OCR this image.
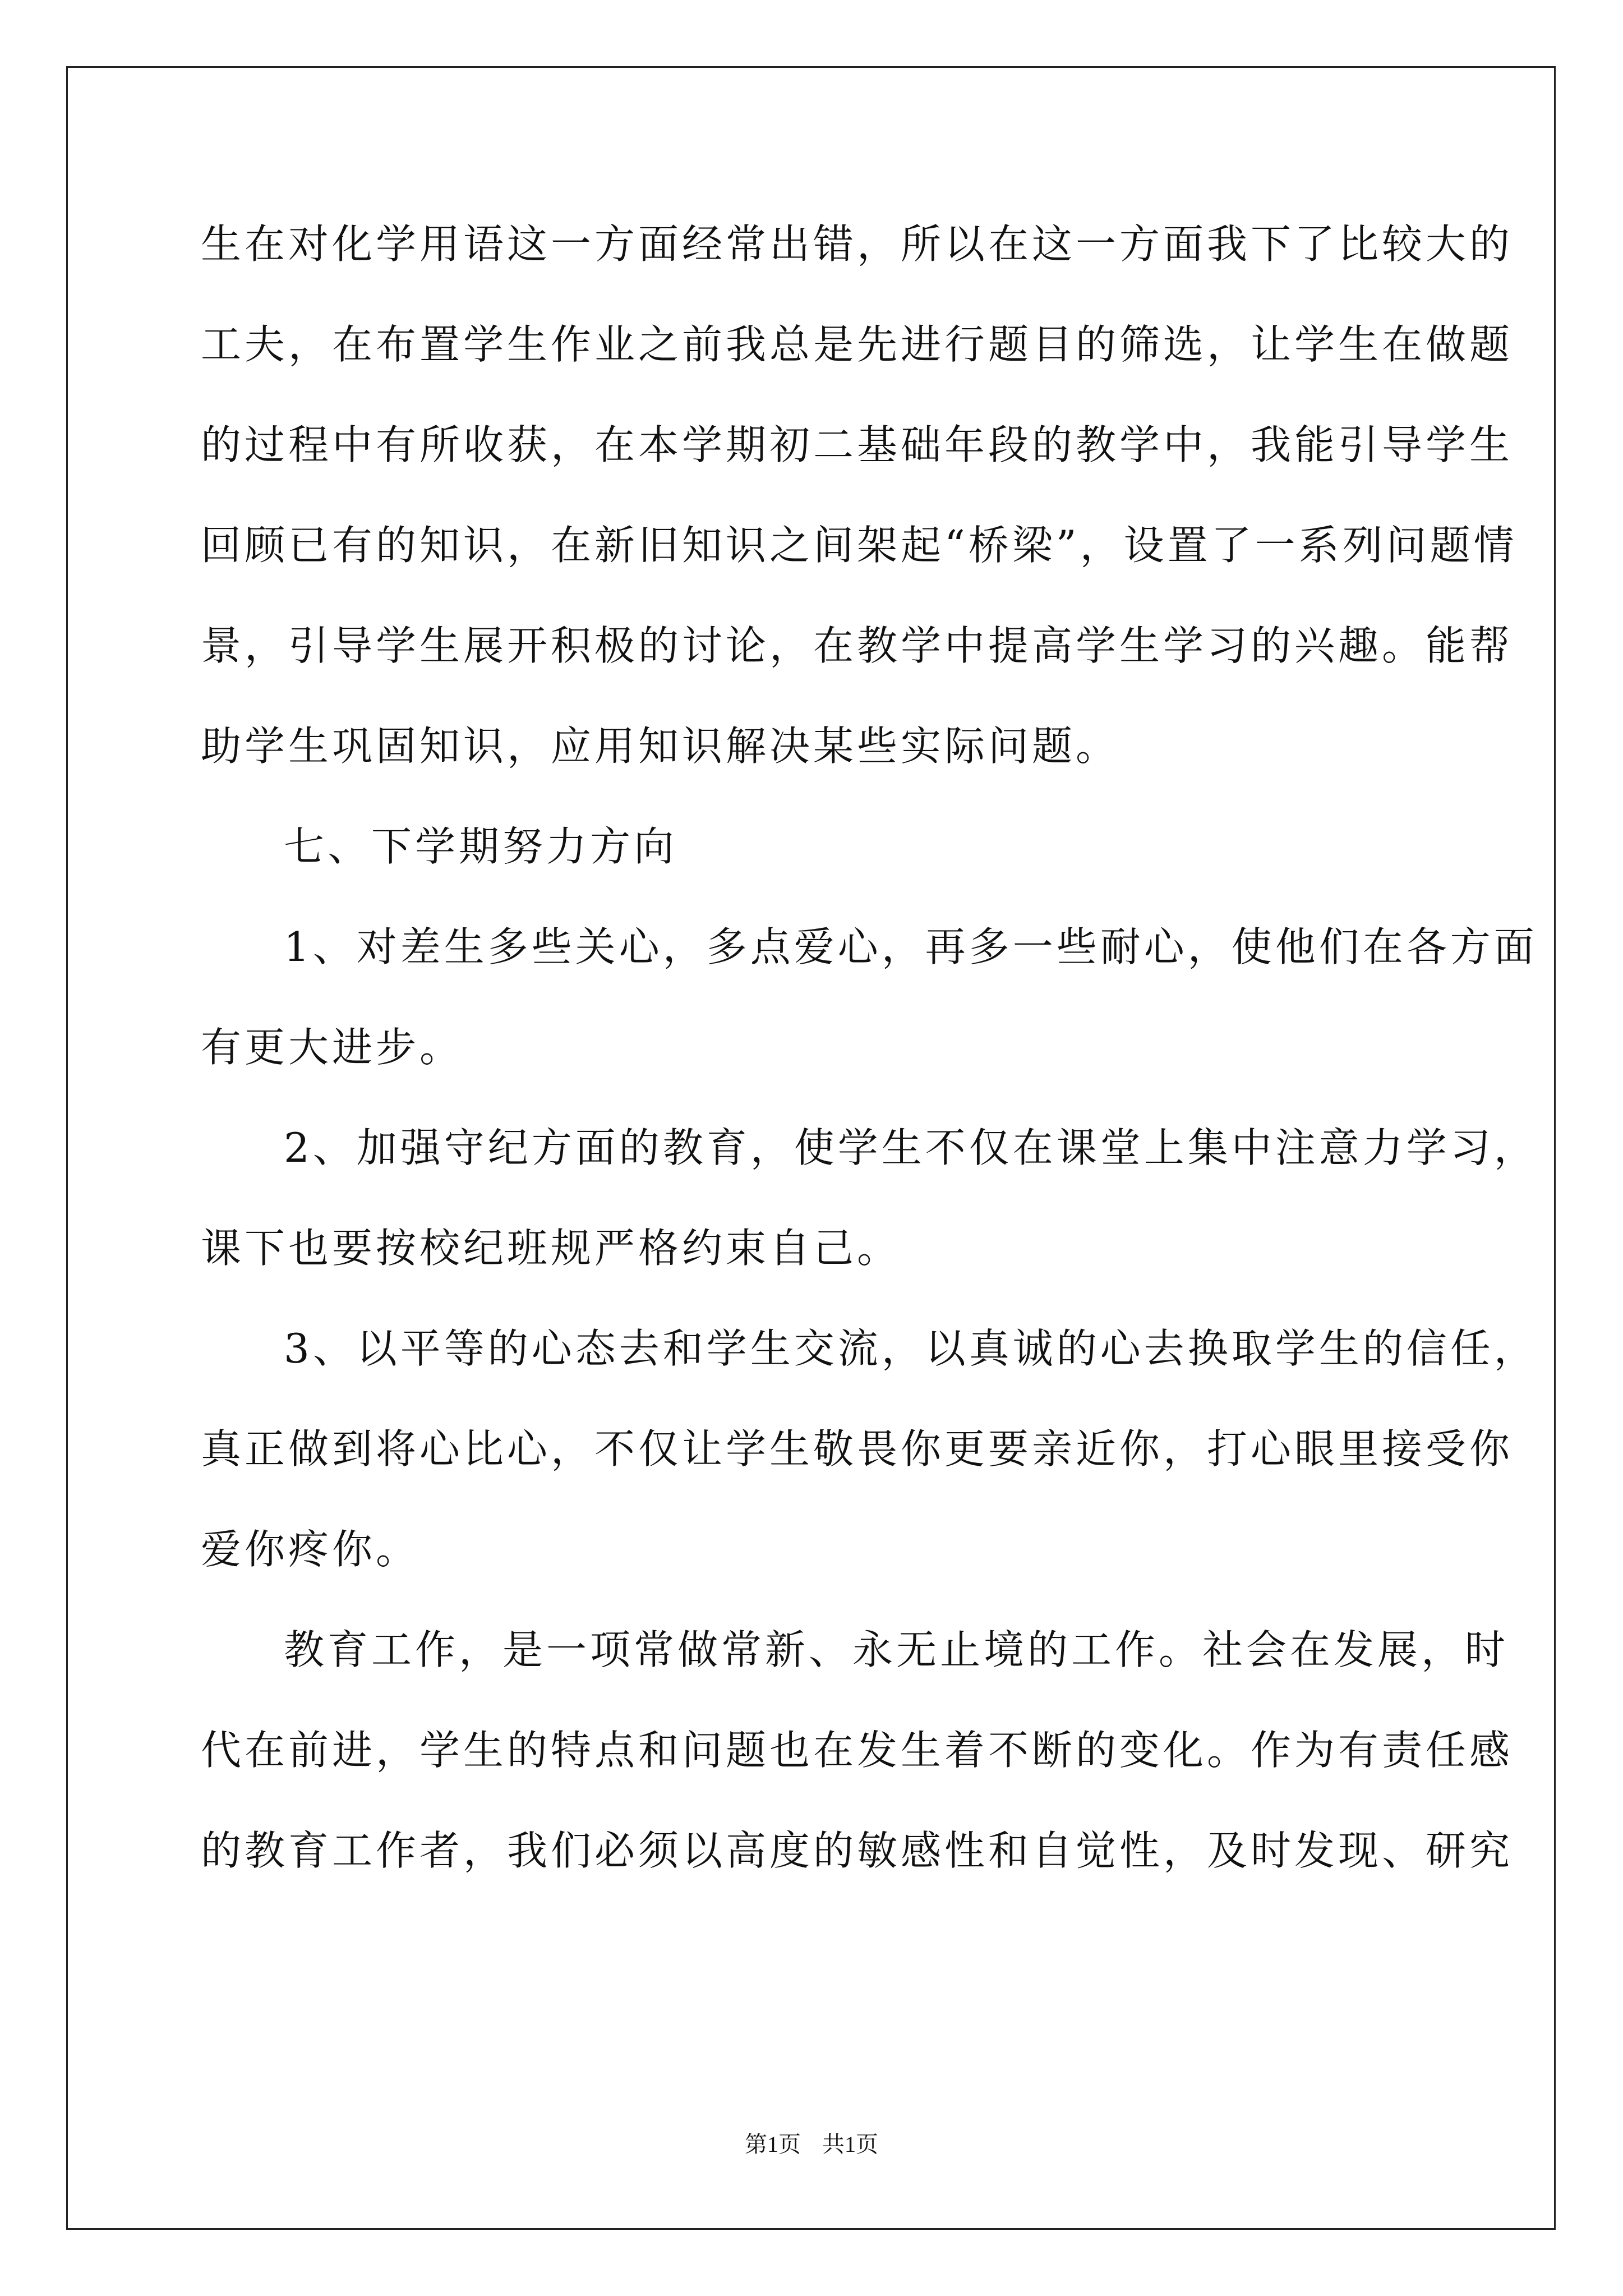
生在对化学用语这一方面经常出错，所以在这一方面我下了比较大的
工夫，在布置学生作业之前我总是先进行题目的筛选，让学生在做题
的过程中有所收获，在本学期初二基础年段的教学中，我能引导学生
回顾已有的知识，在新旧知识之间架起“桥梁”，设置了一系列问题情
景，引导学生展开积极的讨论，在教学中提高学生学习的兴趣。能帮
助学生巩固知识，应用知识解决某些实际问题。
七、下学期努力方向
1、对差生多些关心，多点爱心，再多一些耐心，使他们在各方面
有更大进步。
2、加强守纪方面的教育，使学生不仅在课堂上集中注意力学习，
课下也要按校纪班规严格约束自己。
3、以平等的心态去和学生交流，以真诚的心去换取学生的信任，
真正做到将心比心，不仅让学生敬畏你更要亲近你，打心眼里接受你
爱你疼你。
教育工作，是一项常做常新、永无止境的工作。社会在发展，时
代在前进，学生的特点和问题也在发生着不断的变化。作为有责任感
的教育工作者，我们必须以高度的敏感性和自觉性，及时发现、研究
第1页 共1页
